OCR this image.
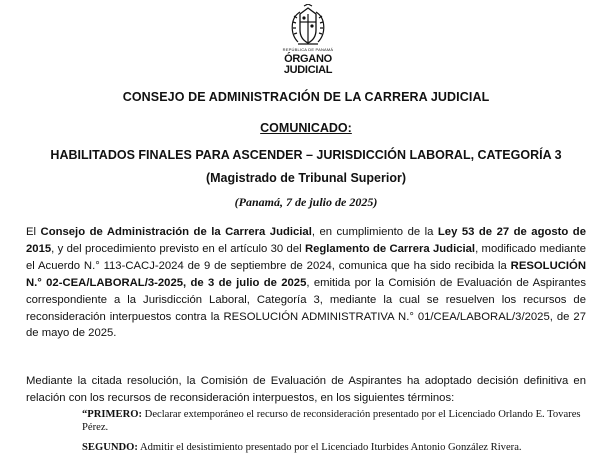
REPÚBLICA DE PANAMÁ
ÓRGANO
JUDICIAL
CONSEJO DE ADMINISTRACIÓN DE LA CARRERA JUDICIAL
COMUNICADO:
HABILITADOS FINALES PARA ASCENDER – JURISDICCIÓN LABORAL, CATEGORÍA 3
(Magistrado de Tribunal Superior)
(Panamá, 7 de julio de 2025)
El Consejo de Administración de la Carrera Judicial, en cumplimiento de la Ley 53 de 27 de agosto de 2015, y del procedimiento previsto en el artículo 30 del Reglamento de Carrera Judicial, modificado mediante el Acuerdo N.° 113-CACJ-2024 de 9 de septiembre de 2024, comunica que ha sido recibida la RESOLUCIÓN N.° 02-CEA/LABORAL/3-2025, de 3 de julio de 2025, emitida por la Comisión de Evaluación de Aspirantes correspondiente a la Jurisdicción Laboral, Categoría 3, mediante la cual se resuelven los recursos de reconsideración interpuestos contra la RESOLUCIÓN ADMINISTRATIVA N.° 01/CEA/LABORAL/3/2025, de 27 de mayo de 2025.
Mediante la citada resolución, la Comisión de Evaluación de Aspirantes ha adoptado decisión definitiva en relación con los recursos de reconsideración interpuestos, en los siguientes términos:
“PRIMERO: Declarar extemporáneo el recurso de reconsideración presentado por el Licenciado Orlando E. Tovares Pérez.
SEGUNDO: Admitir el desistimiento presentado por el Licenciado Iturbides Antonio González Rivera.
